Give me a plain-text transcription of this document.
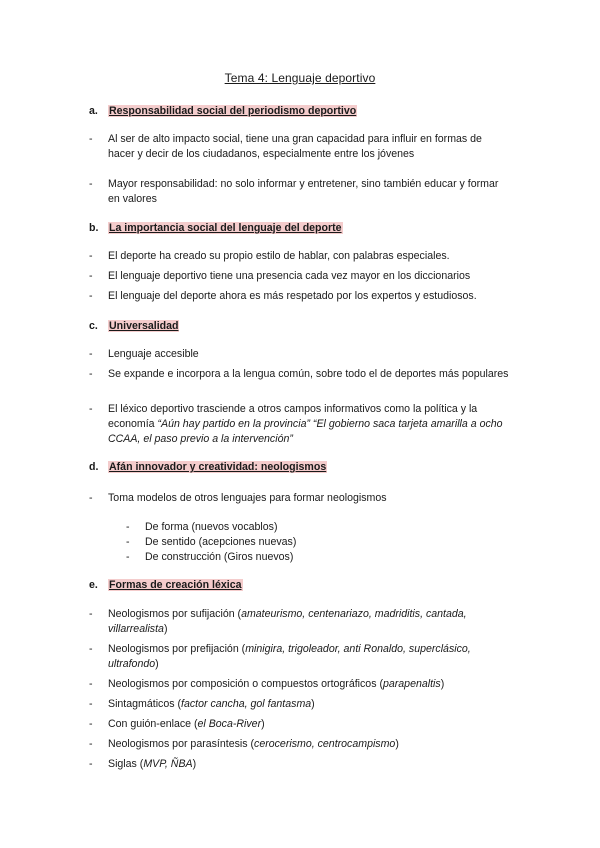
Tema 4: Lenguaje deportivo
a. Responsabilidad social del periodismo deportivo
- Al ser de alto impacto social, tiene una gran capacidad para influir en formas de hacer y decir de los ciudadanos, especialmente entre los jóvenes
- Mayor responsabilidad: no solo informar y entretener, sino también educar y formar en valores
b. La importancia social del lenguaje del deporte
- El deporte ha creado su propio estilo de hablar, con palabras especiales.
- El lenguaje deportivo tiene una presencia cada vez mayor en los diccionarios
- El lenguaje del deporte ahora es más respetado por los expertos y estudiosos.
c. Universalidad
- Lenguaje accesible
- Se expande e incorpora a la lengua común, sobre todo el de deportes más populares
- El léxico deportivo trasciende a otros campos informativos como la política y la economía “Aún hay partido en la provincia” “El gobierno saca tarjeta amarilla a ocho CCAA, el paso previo a la intervención”
d. Afán innovador y creatividad: neologismos
- Toma modelos de otros lenguajes para formar neologismos
- De forma (nuevos vocablos)
- De sentido (acepciones nuevas)
- De construcción (Giros nuevos)
e. Formas de creación léxica
- Neologismos por sufijación (amateurismo, centenariazo, madriditis, cantada, villarrealista)
- Neologismos por prefijación (minigira, trigoleador, anti Ronaldo, superclásico, ultrafondo)
- Neologismos por composición o compuestos ortográficos (parapenaltis)
- Sintagmáticos (factor cancha, gol fantasma)
- Con guión-enlace (el Boca-River)
- Neologismos por parasíntesis (cerocerismo, centrocampismo)
- Siglas (MVP, ÑBA)
